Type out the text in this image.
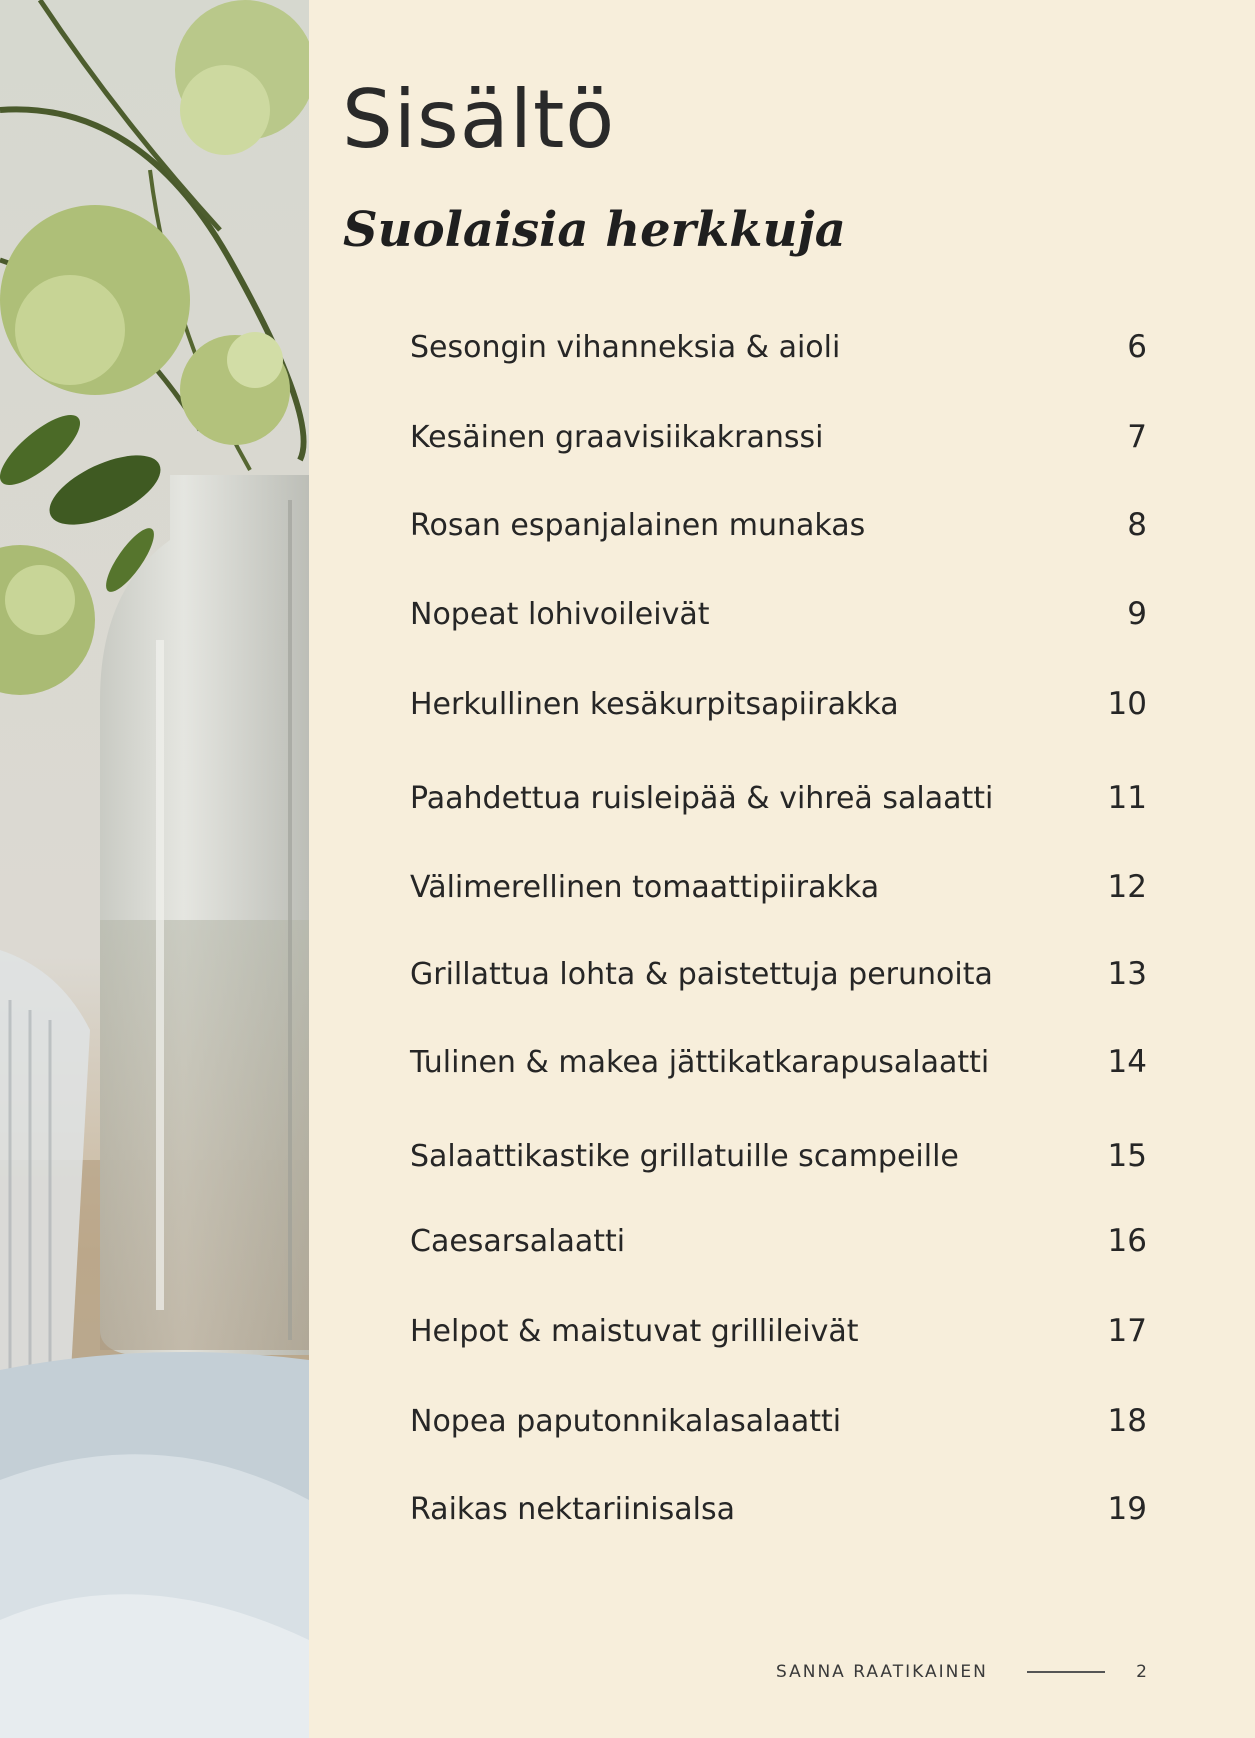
Sisältö
Suolaisia herkkuja
Sesongin vihanneksia & aioli	6
Kesäinen graavisiikakranssi	7
Rosan espanjalainen munakas	8
Nopeat lohivoileivät	9
Herkullinen kesäkurpitsapiirakka	10
Paahdettua ruisleipää & vihreä salaatti	11
Välimerellinen tomaattipiirakka	12
Grillattua lohta & paistettuja perunoita	13
Tulinen & makea jättikatkarapusalaatti	14
Salaattikastike grillatuille scampeille	15
Caesarsalaatti	16
Helpot & maistuvat grillileivät	17
Nopea paputonnikalasalaatti	18
Raikas nektariinisalsa	19
SANNA RAATIKAINEN	2
